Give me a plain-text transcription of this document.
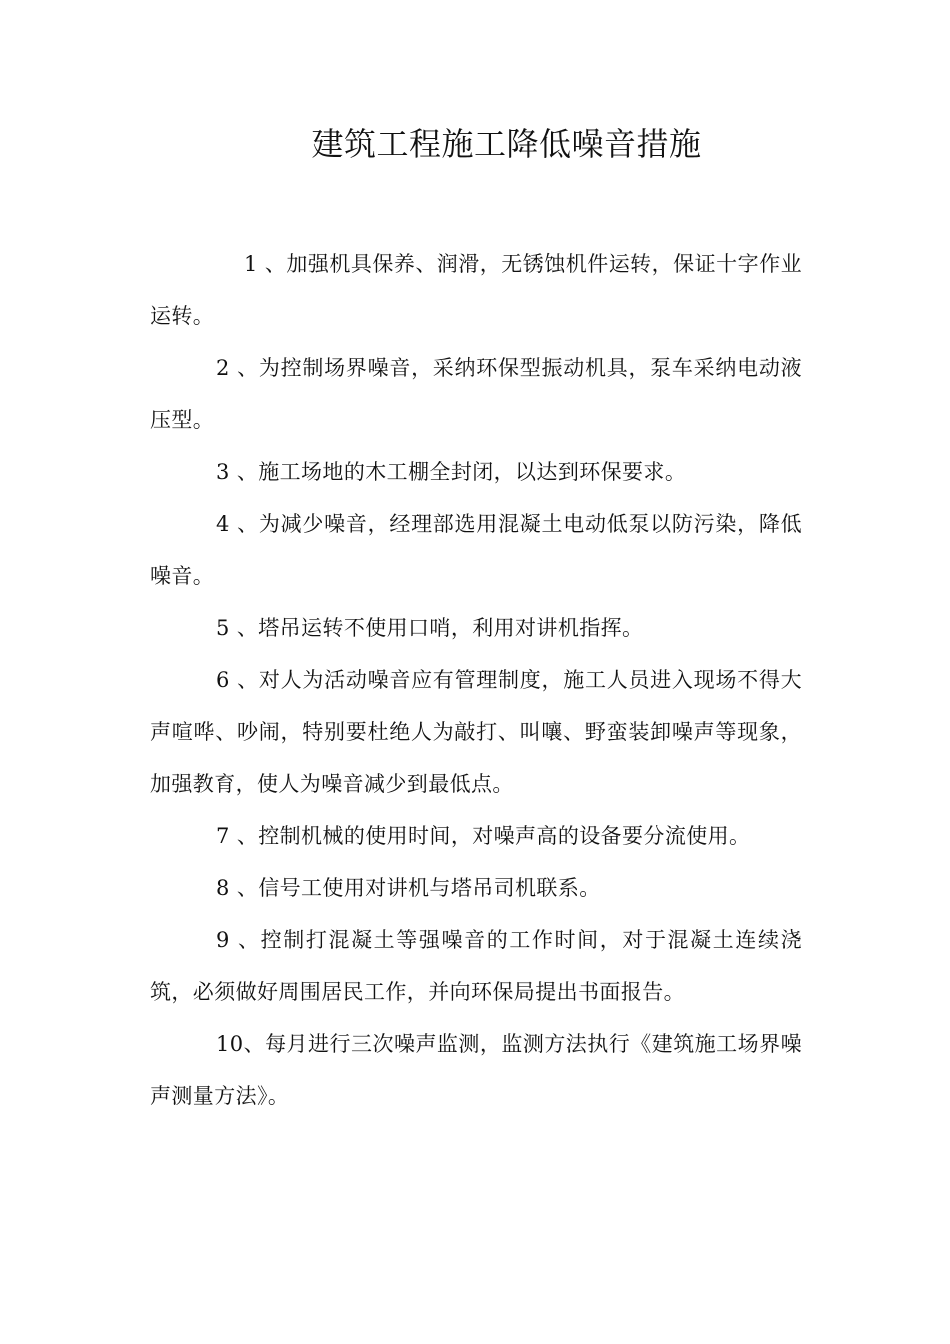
建筑工程施工降低噪音措施

1 、加强机具保养、润滑，无锈蚀机件运转，保证十字作业运转。

2 、为控制场界噪音，采纳环保型振动机具，泵车采纳电动液压型。

3 、施工场地的木工棚全封闭，以达到环保要求。

4 、为减少噪音，经理部选用混凝土电动低泵以防污染，降低噪音。

5 、塔吊运转不使用口哨，利用对讲机指挥。

6 、对人为活动噪音应有管理制度，施工人员进入现场不得大声喧哗、吵闹，特别要杜绝人为敲打、叫嚷、野蛮装卸噪声等现象，加强教育，使人为噪音减少到最低点。

7 、控制机械的使用时间，对噪声高的设备要分流使用。

8 、信号工使用对讲机与塔吊司机联系。

9 、控制打混凝土等强噪音的工作时间，对于混凝土连续浇筑，必须做好周围居民工作，并向环保局提出书面报告。

10、每月进行三次噪声监测，监测方法执行《建筑施工场界噪声测量方法》。
